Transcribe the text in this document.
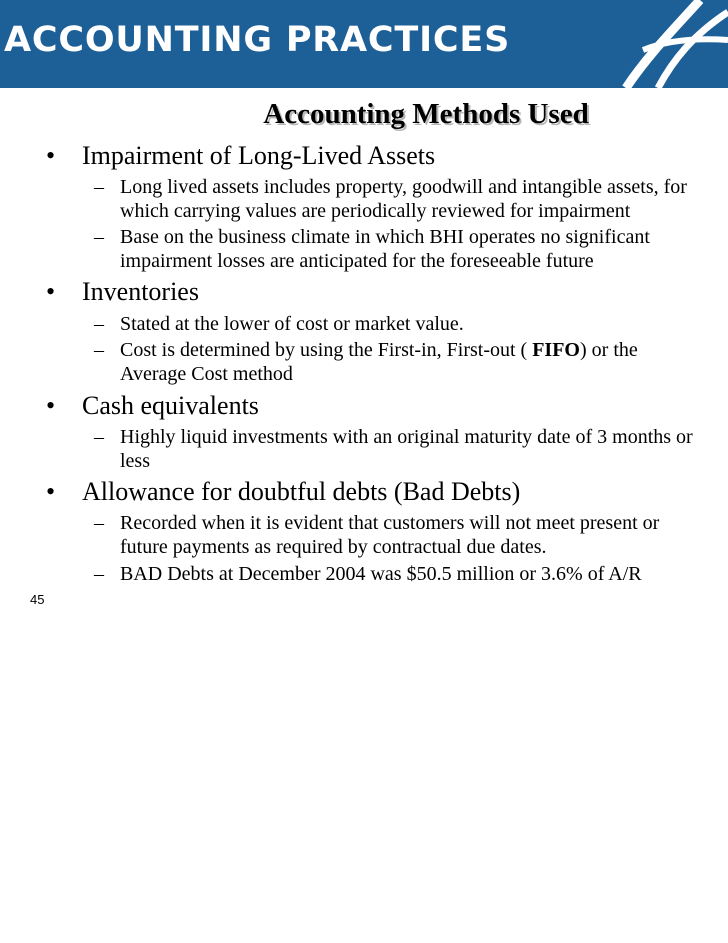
ACCOUNTING PRACTICES
Accounting Methods Used
• Impairment of Long-Lived Assets
– Long lived assets includes property, goodwill and intangible assets, for
which carrying values are periodically reviewed for impairment
– Base on the business climate in which BHI operates no significant
impairment losses are anticipated for the foreseeable future
• Inventories
– Stated at the lower of cost or market value.
– Cost is determined by using the First-in, First-out ( FIFO) or the
Average Cost method
• Cash equivalents
– Highly liquid investments with an original maturity date of 3 months or
less
• Allowance for doubtful debts (Bad Debts)
– Recorded when it is evident that customers will not meet present or
future payments as required by contractual due dates.
– BAD Debts at December 2004 was $50.5 million or 3.6% of A/R
45
